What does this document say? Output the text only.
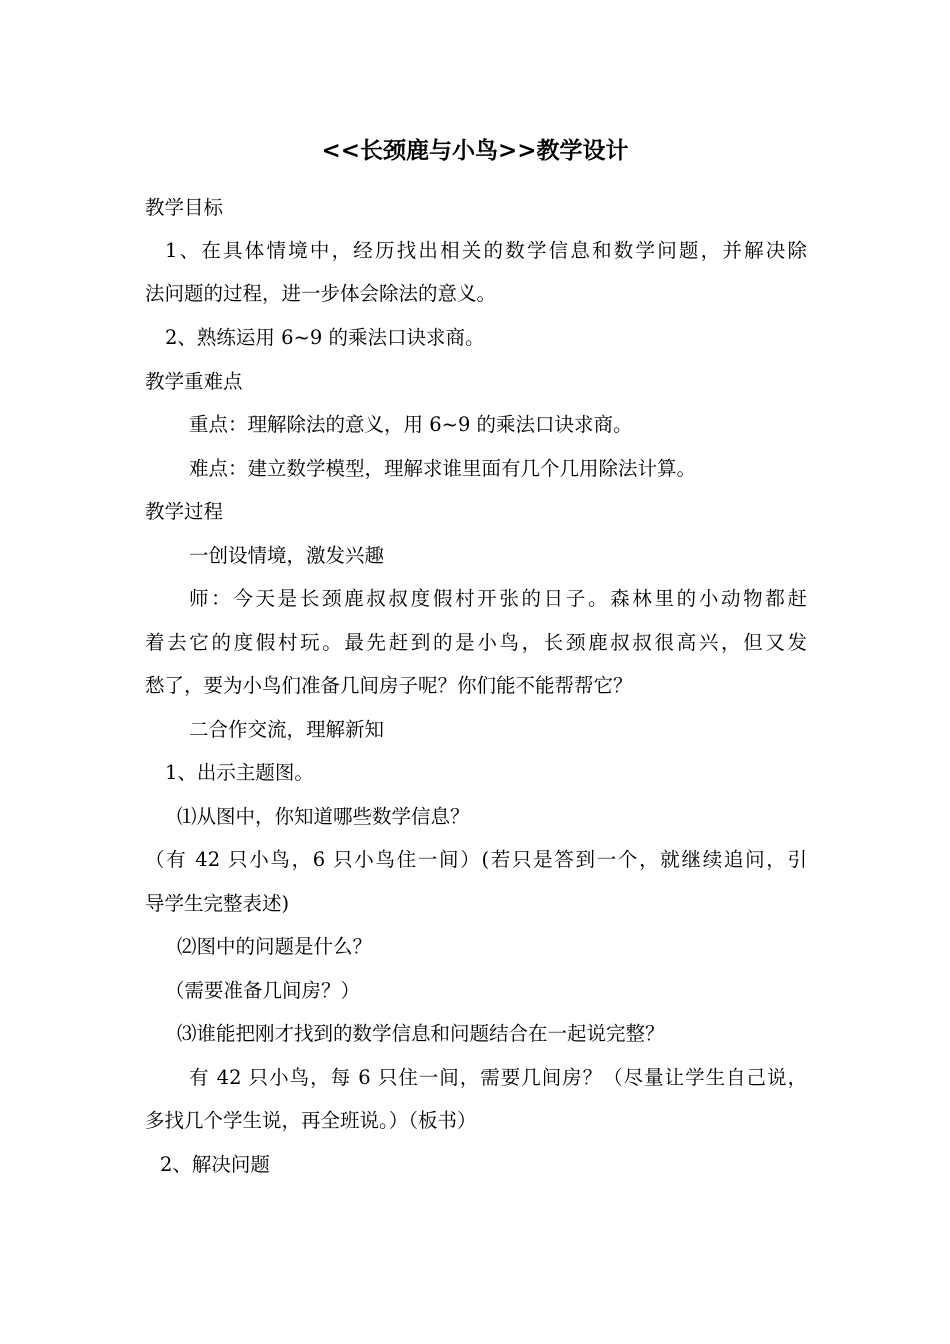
<<长颈鹿与小鸟>>教学设计
教学目标
1、在具体情境中，经历找出相关的数学信息和数学问题，并解决除
法问题的过程，进一步体会除法的意义。
2、熟练运用 6~9 的乘法口诀求商。
教学重难点
重点：理解除法的意义，用 6~9 的乘法口诀求商。
难点：建立数学模型，理解求谁里面有几个几用除法计算。
教学过程
一创设情境，激发兴趣
师：今天是长颈鹿叔叔度假村开张的日子。森林里的小动物都赶
着去它的度假村玩。最先赶到的是小鸟，长颈鹿叔叔很高兴，但又发
愁了，要为小鸟们准备几间房子呢？你们能不能帮帮它？
二合作交流，理解新知
1、出示主题图。
⑴从图中，你知道哪些数学信息？
（有 42 只小鸟，6 只小鸟住一间）(若只是答到一个，就继续追问，引
导学生完整表述)
⑵图中的问题是什么？
（需要准备几间房？）
⑶谁能把刚才找到的数学信息和问题结合在一起说完整？
有 42 只小鸟，每 6 只住一间，需要几间房？（尽量让学生自己说，
多找几个学生说，再全班说。）（板书）
2、解决问题
